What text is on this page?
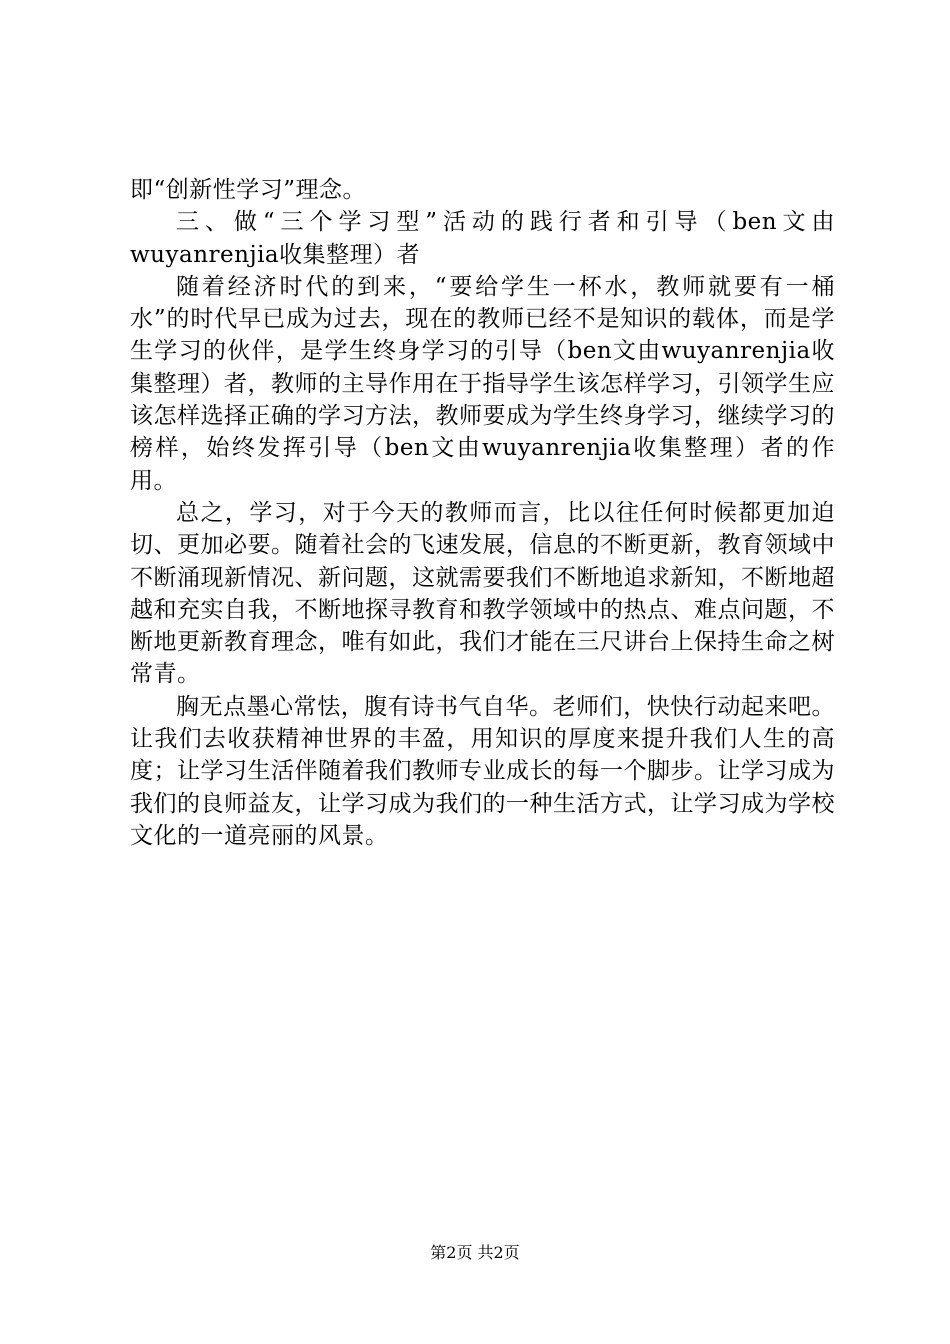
即“创新性学习”理念。

三、做“三个学习型”活动的践行者和引导（ben文由wuyanrenjia收集整理）者

随着经济时代的到来，“要给学生一杯水，教师就要有一桶水”的时代早已成为过去，现在的教师已经不是知识的载体，而是学生学习的伙伴，是学生终身学习的引导（ben文由wuyanrenjia收集整理）者，教师的主导作用在于指导学生该怎样学习，引领学生应该怎样选择正确的学习方法，教师要成为学生终身学习，继续学习的榜样，始终发挥引导（ben文由wuyanrenjia收集整理）者的作用。

总之，学习，对于今天的教师而言，比以往任何时候都更加迫切、更加必要。随着社会的飞速发展，信息的不断更新，教育领域中不断涌现新情况、新问题，这就需要我们不断地追求新知，不断地超越和充实自我，不断地探寻教育和教学领域中的热点、难点问题，不断地更新教育理念，唯有如此，我们才能在三尺讲台上保持生命之树常青。

胸无点墨心常怯，腹有诗书气自华。老师们，快快行动起来吧。让我们去收获精神世界的丰盈，用知识的厚度来提升我们人生的高度；让学习生活伴随着我们教师专业成长的每一个脚步。让学习成为我们的良师益友，让学习成为我们的一种生活方式，让学习成为学校文化的一道亮丽的风景。

第2页 共2页
